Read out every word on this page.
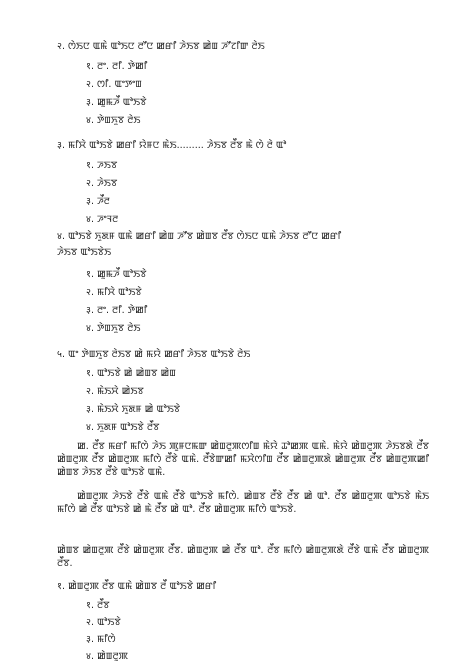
२. ꯁꯥꯏꯅ ꯑꯃꯥ ꯑꯣꯏꯅ ꯂꯧꯅ ꯀꯔꯤ ꯍꯥꯏꯕ ꯀꯥꯡ ꯍꯧꯖꯤꯛ ꯂꯥꯏ
१. ꯂꯦ. ꯂꯤ. ꯇꯥꯀꯤ
२. ꯁꯤ. ꯑꯦꯇꯦꯡ
३. ꯀꯨꯃꯍꯩ ꯑꯣꯏꯕꯥ
४. ꯇꯥꯡꯈꯨꯕ ꯂꯥꯏ
३. ꯃꯤꯆꯥ ꯑꯣꯏꯕꯥ ꯀꯔꯤ ꯌꯥꯝꯅ ꯃꯥꯏ......... ꯍꯥꯏꯕ ꯂꯩꯕ ꯃꯥ ꯁꯥ ꯂꯥ ꯑꯣ
१. ꯍꯏꯕ
२. ꯍꯥꯏꯕ
३. ꯍꯩꯂ
४. ꯍꯦꯜꯂ
४. ꯑꯣꯏꯕꯥ ꯈꯨꯗꯝ ꯑꯃꯥ ꯀꯔꯤ ꯀꯥꯡ ꯍꯧꯕ ꯀꯥꯡꯕ ꯂꯩꯕ ꯁꯥꯏꯅ ꯑꯃꯥ ꯍꯥꯏꯕ ꯂꯧꯅ ꯀꯔꯤ
ꯍꯥꯏꯕ ꯑꯣꯏꯕꯥꯏ
१. ꯀꯨꯃꯍꯩ ꯑꯣꯏꯕꯥ
२. ꯃꯤꯆꯥ ꯑꯣꯏꯕꯥ
३. ꯂꯦ. ꯂꯤ. ꯇꯥꯀꯤ
४. ꯇꯥꯡꯈꯨꯕ ꯂꯥꯏ
५. ꯑꯦ ꯇꯥꯡꯈꯨꯕ ꯂꯥꯏꯕ ꯀꯥ ꯃꯌꯥ ꯀꯔꯤ ꯍꯥꯏꯕ ꯑꯣꯏꯕꯥ ꯂꯥꯏ
१. ꯑꯣꯏꯕꯥ ꯀꯥ ꯀꯥꯡꯕ ꯀꯥꯡ
२. ꯃꯥꯏꯆꯥ ꯀꯥꯏꯕ
३. ꯃꯥꯏꯆꯥ ꯈꯨꯗꯝ ꯀꯥ ꯑꯣꯏꯕꯥ
४. ꯈꯨꯗꯝ ꯑꯣꯏꯕꯥ ꯂꯩꯕ
ꯀ. ꯂꯩꯕ ꯃꯔꯤ ꯃꯤꯁꯥ ꯍꯥꯏ ꯄꯨꯝꯅꯃꯛ ꯀꯥꯡꯂꯨꯄꯁꯤꯡ ꯃꯥꯌꯥ ꯊꯣꯀꯄ ꯑꯃꯥ. ꯃꯥꯌꯥ ꯀꯥꯡꯂꯨꯄ ꯍꯥꯏꯕꯗꯥ ꯂꯩꯕ ꯀꯥꯡꯂꯨꯄ ꯂꯩꯕ ꯀꯥꯡꯂꯨꯄ ꯃꯤꯁꯥ ꯂꯩꯕꯥ ꯑꯃꯥ. ꯂꯩꯕꯥꯛꯀꯤ ꯃꯆꯥꯁꯤꯡ ꯂꯩꯕ ꯀꯥꯡꯂꯨꯄꯗꯥ ꯀꯥꯡꯂꯨꯄ ꯂꯩꯕ ꯀꯥꯡꯂꯨꯄꯀꯤ ꯀꯥꯡꯕ ꯍꯥꯏꯕ ꯂꯩꯕꯥ ꯑꯣꯏꯕꯥ ꯑꯃꯥ.
ꯀꯥꯡꯂꯨꯄ ꯍꯥꯏꯕꯥ ꯂꯩꯕꯥ ꯑꯃꯥ ꯂꯩꯕꯥ ꯑꯣꯏꯕꯥ ꯃꯤꯁꯥ. ꯀꯥꯡꯕ ꯂꯩꯕꯥ ꯂꯩꯕ ꯀꯥ ꯑꯣ. ꯂꯩꯕ ꯀꯥꯡꯂꯨꯄ ꯑꯣꯏꯕꯥ ꯃꯥꯏ ꯃꯤꯁꯥ ꯀꯥ ꯂꯩꯕ ꯑꯣꯏꯕꯥ ꯀꯥ ꯃꯥ ꯂꯩꯕ ꯀꯥ ꯑꯣ. ꯂꯩꯕ ꯀꯥꯡꯂꯨꯄ ꯃꯤꯁꯥ ꯑꯣꯏꯕꯥ.
ꯀꯥꯡꯕ ꯀꯥꯡꯂꯨꯄ ꯂꯩꯕꯥ ꯀꯥꯡꯂꯨꯄ ꯂꯩꯕ. ꯀꯥꯡꯂꯨꯄ ꯀꯥ ꯂꯩꯕ ꯑꯣ. ꯂꯩꯕ ꯃꯤꯁꯥ ꯀꯥꯡꯂꯨꯄꯗꯥ ꯂꯩꯕꯥ ꯑꯃꯥ ꯂꯩꯕ ꯀꯥꯡꯂꯨꯄ ꯂꯩꯕ.
१. ꯀꯥꯡꯂꯨꯄ ꯂꯩꯕ ꯑꯃꯥ ꯀꯥꯡꯕ ꯂꯩ ꯑꯣꯏꯕꯥ ꯀꯔꯤ
१. ꯂꯩꯕ
२. ꯑꯣꯏꯕꯥ
३. ꯃꯤꯁꯥ
४. ꯀꯥꯡꯂꯨꯄ
